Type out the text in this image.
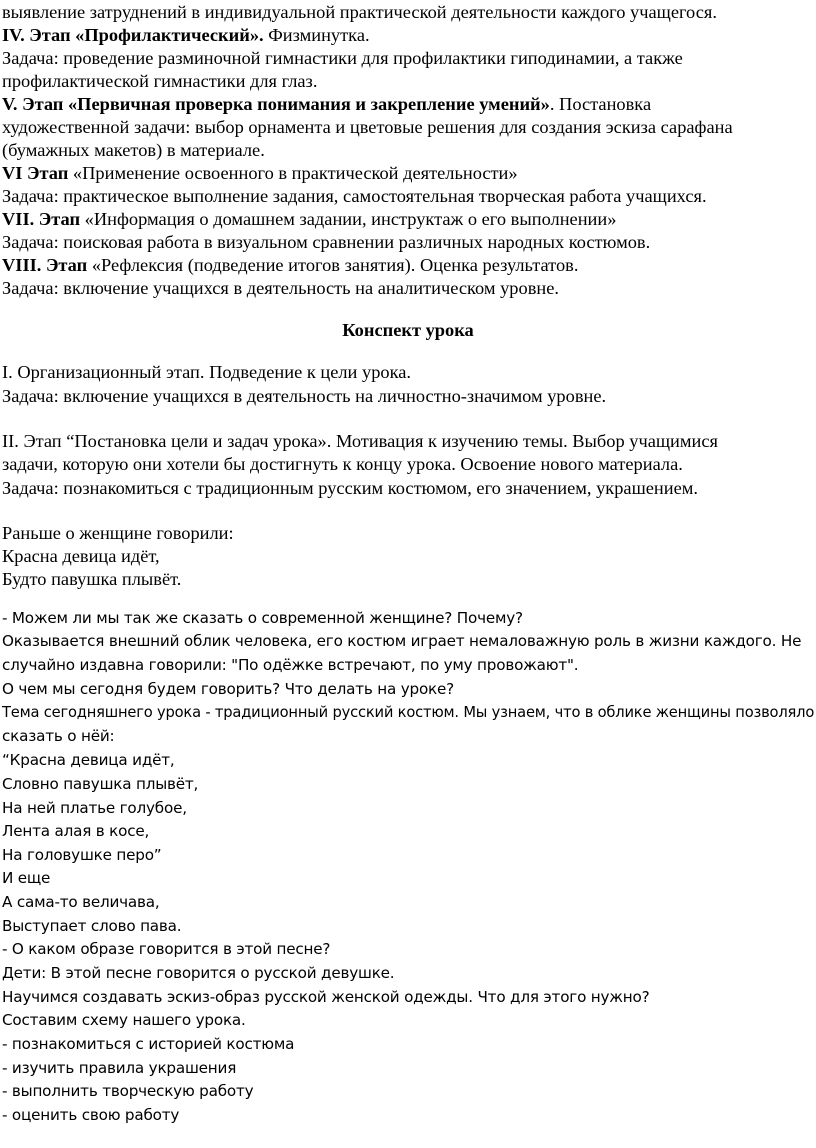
выявление затруднений в индивидуальной практической деятельности каждого учащегося.
IV. Этап «Профилактический». Физминутка.
Задача: проведение разминочной гимнастики для профилактики гиподинамии, а также
профилактической гимнастики для глаз.
V. Этап «Первичная проверка понимания и закрепление умений». Постановка
художественной задачи: выбор орнамента и цветовые решения для создания эскиза сарафана
(бумажных макетов) в материале.
VI Этап «Применение освоенного в практической деятельности»
Задача: практическое выполнение задания, самостоятельная творческая работа учащихся.
VII. Этап «Информация о домашнем задании, инструктаж о его выполнении»
Задача: поисковая работа в визуальном сравнении различных народных костюмов.
VIII. Этап «Рефлексия (подведение итогов занятия). Оценка результатов.
Задача: включение учащихся в деятельность на аналитическом уровне.
Конспект урока
I. Организационный этап. Подведение к цели урока.
Задача: включение учащихся в деятельность на личностно-значимом уровне.
II. Этап “Постановка цели и задач урока». Мотивация к изучению темы. Выбор учащимися
задачи, которую они хотели бы достигнуть к концу урока. Освоение нового материала.
Задача: познакомиться с традиционным русским костюмом, его значением, украшением.
Раньше о женщине говорили:
Красна девица идёт,
Будто павушка плывёт.
- Можем ли мы так же сказать о современной женщине? Почему?
Оказывается внешний облик человека, его костюм играет немаловажную роль в жизни каждого. Не
случайно издавна говорили: "По одёжке встречают, по уму провожают".
О чем мы сегодня будем говорить? Что делать на уроке?
Тема сегодняшнего урока - традиционный русский костюм. Мы узнаем, что в облике женщины позволяло
сказать о нёй:
“Красна девица идёт,
Словно павушка плывёт,
На ней платье голубое,
Лента алая в косе,
На головушке перо”
И еще
А сама-то величава,
Выступает слово пава.
- О каком образе говорится в этой песне?
Дети: В этой песне говорится о русской девушке.
Научимся создавать эскиз-образ русской женской одежды. Что для этого нужно?
Составим схему нашего урока.
- познакомиться с историей костюма
- изучить правила украшения
- выполнить творческую работу
- оценить свою работу
